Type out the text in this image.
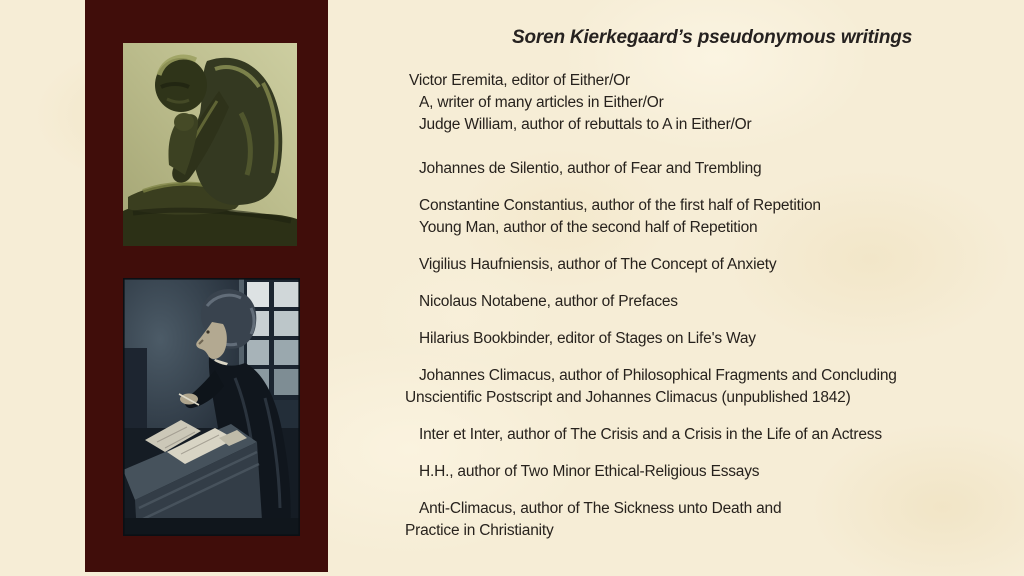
Soren Kierkegaard’s pseudonymous writings
Victor Eremita, editor of Either/Or
A, writer of many articles in Either/Or
Judge William, author of rebuttals to A in Either/Or
Johannes de Silentio, author of Fear and Trembling
Constantine Constantius, author of the first half of Repetition
Young Man, author of the second half of Repetition
Vigilius Haufniensis, author of The Concept of Anxiety
Nicolaus Notabene, author of Prefaces
Hilarius Bookbinder, editor of Stages on Life's Way
Johannes Climacus, author of Philosophical Fragments and Concluding
Unscientific Postscript and Johannes Climacus (unpublished 1842)
Inter et Inter, author of The Crisis and a Crisis in the Life of an Actress
H.H., author of Two Minor Ethical-Religious Essays
Anti-Climacus, author of The Sickness unto Death and
Practice in Christianity
